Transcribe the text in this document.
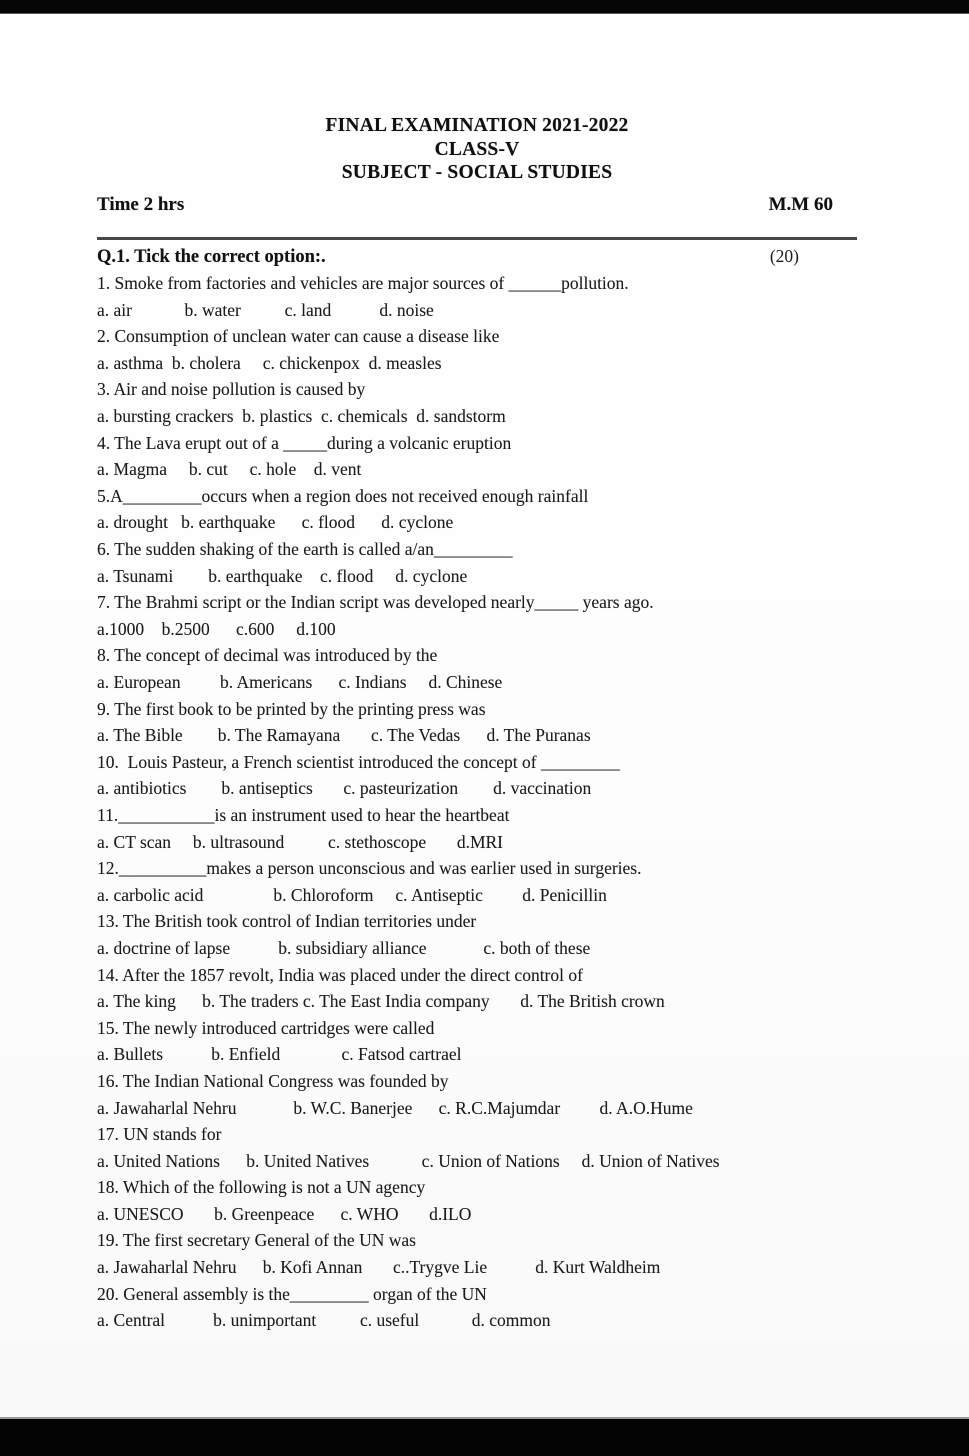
FINAL EXAMINATION 2021-2022
CLASS-V
SUBJECT - SOCIAL STUDIES
Time 2 hrs	M.M 60
Q.1. Tick the correct option:.	(20)
1. Smoke from factories and vehicles are major sources of ______pollution.
a. air            b. water          c. land           d. noise
2. Consumption of unclean water can cause a disease like
a. asthma  b. cholera     c. chickenpox  d. measles
3. Air and noise pollution is caused by
a. bursting crackers  b. plastics  c. chemicals  d. sandstorm
4. The Lava erupt out of a _____during a volcanic eruption
a. Magma     b. cut     c. hole    d. vent
5.A_________occurs when a region does not received enough rainfall
a. drought   b. earthquake      c. flood      d. cyclone
6. The sudden shaking of the earth is called a/an_________
a. Tsunami        b. earthquake    c. flood     d. cyclone
7. The Brahmi script or the Indian script was developed nearly_____ years ago.
a.1000    b.2500      c.600     d.100
8. The concept of decimal was introduced by the
a. European         b. Americans      c. Indians     d. Chinese
9. The first book to be printed by the printing press was
a. The Bible        b. The Ramayana       c. The Vedas      d. The Puranas
10.  Louis Pasteur, a French scientist introduced the concept of _________
a. antibiotics        b. antiseptics       c. pasteurization        d. vaccination
11.___________is an instrument used to hear the heartbeat
a. CT scan     b. ultrasound          c. stethoscope       d.MRI
12.__________makes a person unconscious and was earlier used in surgeries.
a. carbolic acid                b. Chloroform     c. Antiseptic         d. Penicillin
13. The British took control of Indian territories under
a. doctrine of lapse           b. subsidiary alliance             c. both of these
14. After the 1857 revolt, India was placed under the direct control of
a. The king      b. The traders c. The East India company       d. The British crown
15. The newly introduced cartridges were called
a. Bullets           b. Enfield              c. Fatsod cartrael
16. The Indian National Congress was founded by
a. Jawaharlal Nehru             b. W.C. Banerjee      c. R.C.Majumdar         d. A.O.Hume
17. UN stands for
a. United Nations      b. United Natives            c. Union of Nations     d. Union of Natives
18. Which of the following is not a UN agency
a. UNESCO       b. Greenpeace      c. WHO       d.ILO
19. The first secretary General of the UN was
a. Jawaharlal Nehru      b. Kofi Annan       c..Trygve Lie           d. Kurt Waldheim
20. General assembly is the_________ organ of the UN
a. Central           b. unimportant          c. useful            d. common
